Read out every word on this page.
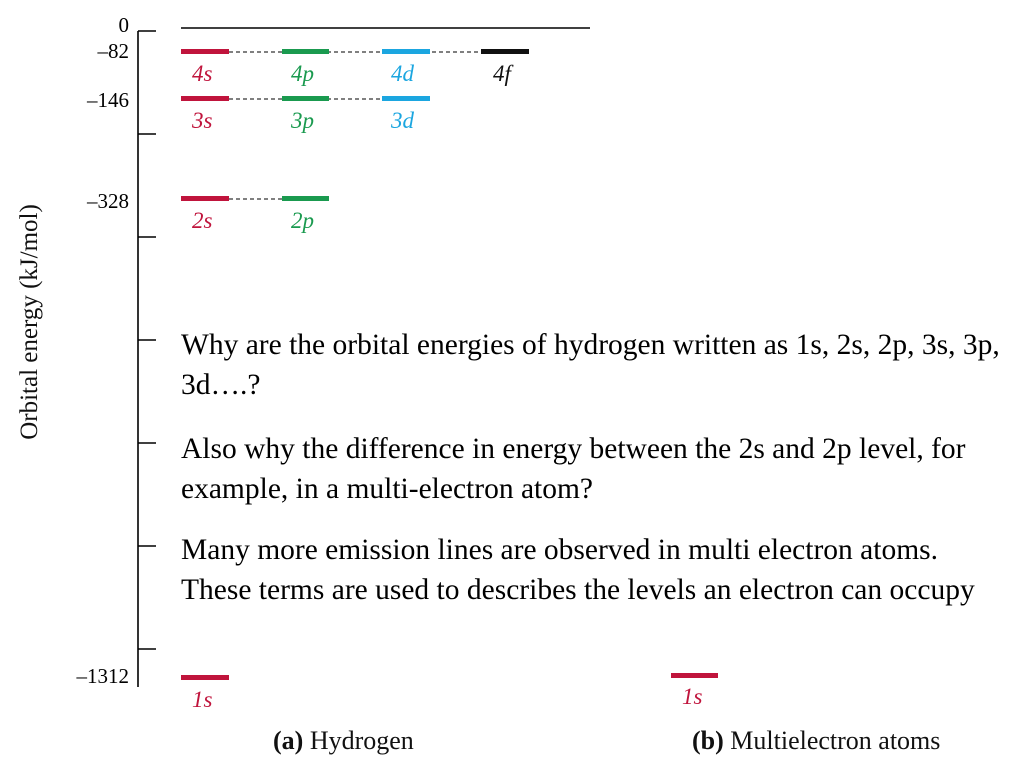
0
–82
–146
–328
–1312
Orbital energy (kJ/mol)
4s	4p	4d	4f
3s	3p	3d
2s	2p
1s	1s
Why are the orbital energies of hydrogen written as 1s, 2s, 2p, 3s, 3p, 3d….?
Also why the difference in energy between the 2s and 2p level, for example, in a multi-electron atom?
Many more emission lines are observed in multi electron atoms. These terms are used to describes the levels an electron can occupy
(a) Hydrogen	(b) Multielectron atoms
